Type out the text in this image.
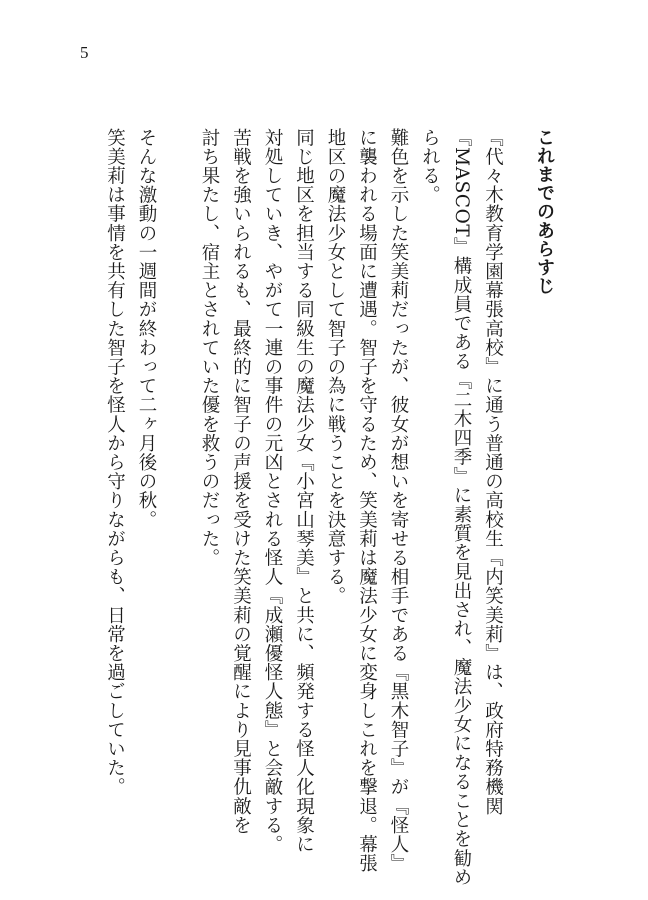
5
これまでのあらすじ
『代々木教育学園幕張高校』に通う普通の高校生『内笑美莉』は、政府特務機関
『MASCOT』構成員である『二木四季』に素質を見出され、魔法少女になることを勧め
られる。
難色を示した笑美莉だったが、彼女が想いを寄せる相手である『黒木智子』が『怪人』
に襲われる場面に遭遇。智子を守るため、笑美莉は魔法少女に変身しこれを撃退。幕張
地区の魔法少女として智子の為に戦うことを決意する。
同じ地区を担当する同級生の魔法少女『小宮山琴美』と共に、頻発する怪人化現象に
対処していき、やがて一連の事件の元凶とされる怪人『成瀬優怪人態』と会敵する。
苦戦を強いられるも、最終的に智子の声援を受けた笑美莉の覚醒により見事仇敵を
討ち果たし、宿主とされていた優を救うのだった。
そんな激動の一週間が終わって二ヶ月後の秋。
笑美莉は事情を共有した智子を怪人から守りながらも、日常を過ごしていた。
